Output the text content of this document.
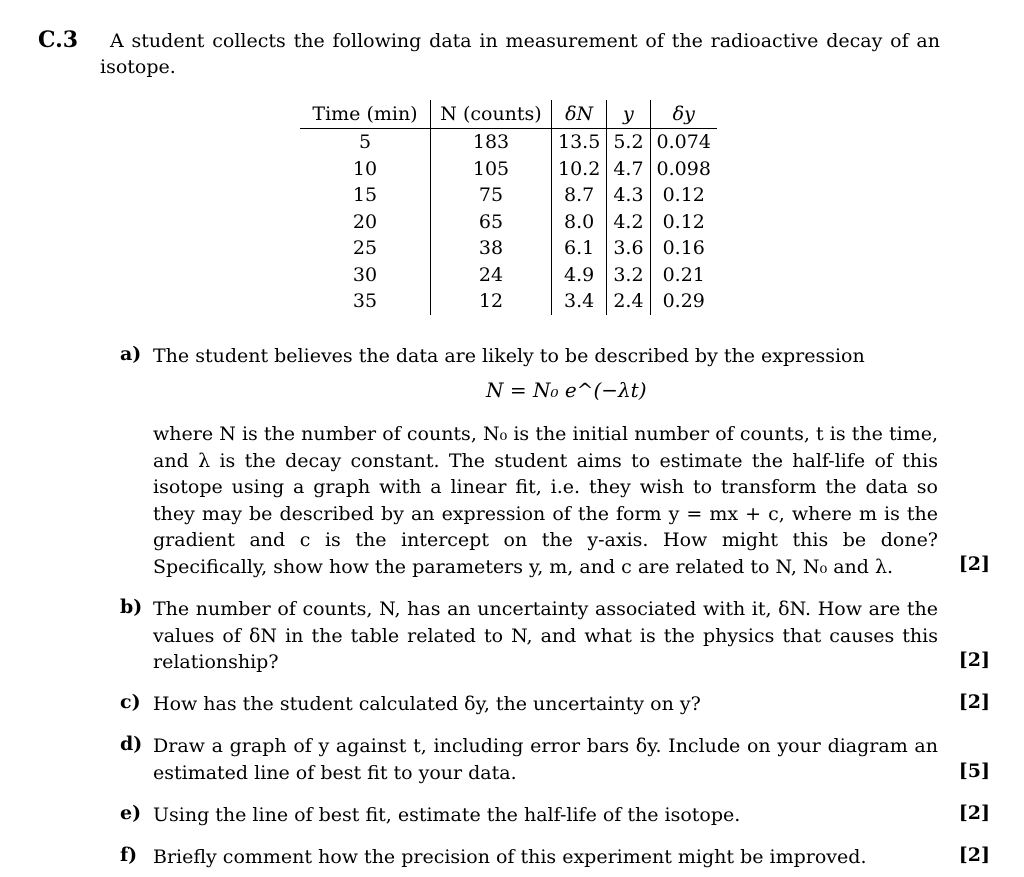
C.3	A student collects the following data in measurement of the radioactive decay of an isotope.
Time (min)	N (counts)	δN	y	δy
5	183	13.5	5.2	0.074
10	105	10.2	4.7	0.098
15	75	8.7	4.3	0.12
20	65	8.0	4.2	0.12
25	38	6.1	3.6	0.16
30	24	4.9	3.2	0.21
35	12	3.4	2.4	0.29
a) The student believes the data are likely to be described by the expression
where N is the number of counts, N₀ is the initial number of counts, t is the time, and λ is the decay constant. The student aims to estimate the half-life of this isotope using a graph with a linear fit, i.e. they wish to transform the data so they may be described by an expression of the form y = mx + c, where m is the gradient and c is the intercept on the y-axis. How might this be done? Specifically, show how the parameters y, m, and c are related to N, N₀ and λ.	[2]
N = N₀ e^(−λt)
b) The number of counts, N, has an uncertainty associated with it, δN. How are the values of δN in the table related to N, and what is the physics that causes this relationship?	[2]
c) How has the student calculated δy, the uncertainty on y?	[2]
d) Draw a graph of y against t, including error bars δy. Include on your diagram an estimated line of best fit to your data.	[5]
e) Using the line of best fit, estimate the half-life of the isotope.	[2]
f) Briefly comment how the precision of this experiment might be improved.	[2]
